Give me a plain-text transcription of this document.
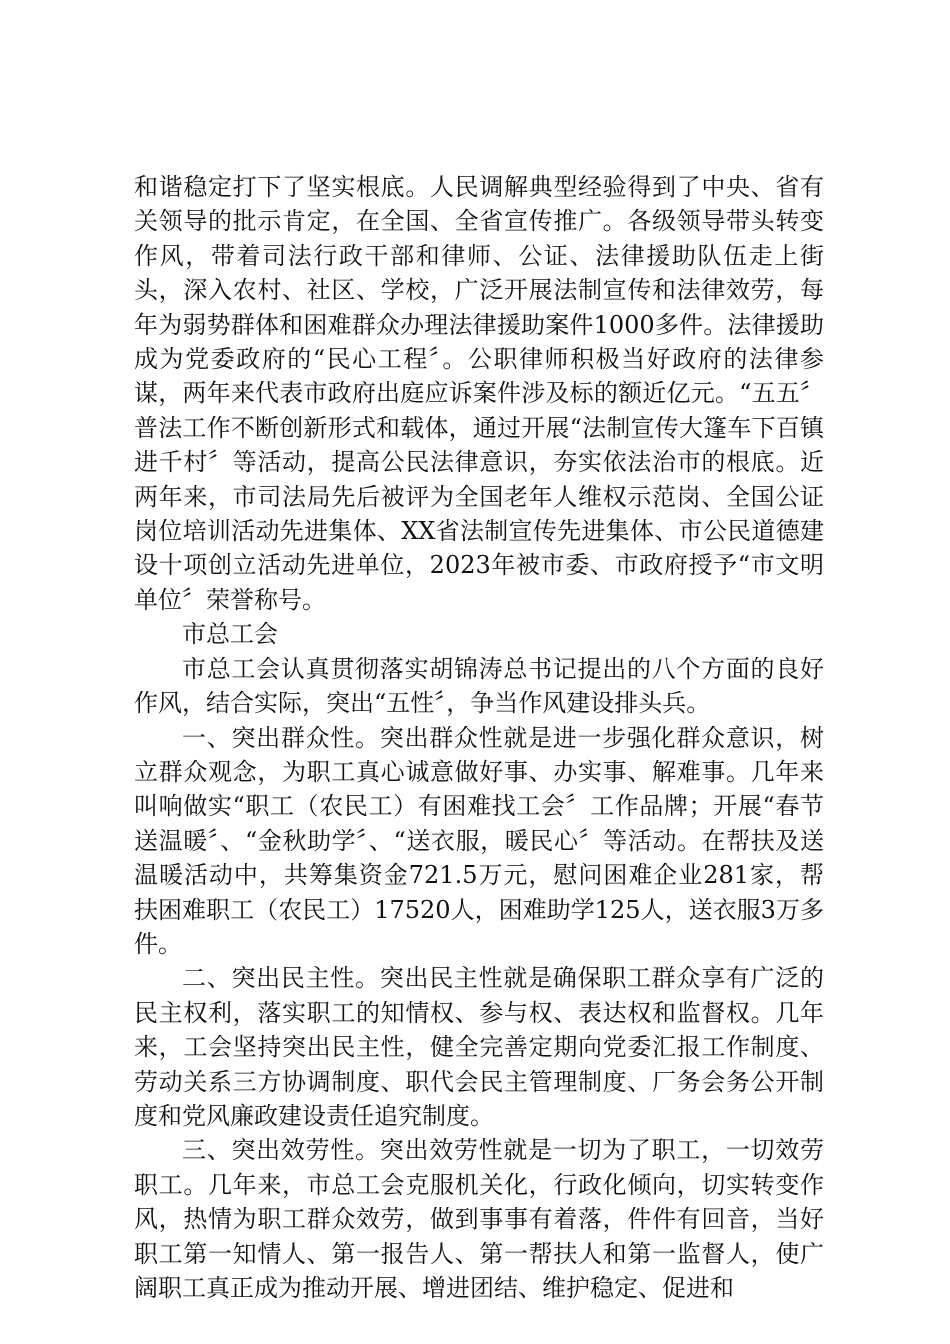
和谐稳定打下了坚实根底。人民调解典型经验得到了中央、省有关领导的批示肯定，在全国、全省宣传推广。各级领导带头转变作风，带着司法行政干部和律师、公证、法律援助队伍走上街头，深入农村、社区、学校，广泛开展法制宣传和法律效劳，每年为弱势群体和困难群众办理法律援助案件1000多件。法律援助成为党委政府的“民心工程〞。公职律师积极当好政府的法律参谋，两年来代表市政府出庭应诉案件涉及标的额近亿元。“五五〞普法工作不断创新形式和载体，通过开展“法制宣传大篷车下百镇进千村〞等活动，提高公民法律意识，夯实依法治市的根底。近两年来，市司法局先后被评为全国老年人维权示范岗、全国公证岗位培训活动先进集体、XX省法制宣传先进集体、市公民道德建设十项创立活动先进单位，2023年被市委、市政府授予“市文明单位〞荣誉称号。

市总工会

市总工会认真贯彻落实胡锦涛总书记提出的八个方面的良好作风，结合实际，突出“五性〞，争当作风建设排头兵。

一、突出群众性。突出群众性就是进一步强化群众意识，树立群众观念，为职工真心诚意做好事、办实事、解难事。几年来叫响做实“职工（农民工）有困难找工会〞工作品牌；开展“春节送温暖〞、“金秋助学〞、“送衣服，暖民心〞等活动。在帮扶及送温暖活动中，共筹集资金721.5万元，慰问困难企业281家，帮扶困难职工（农民工）17520人，困难助学125人，送衣服3万多件。

二、突出民主性。突出民主性就是确保职工群众享有广泛的民主权利，落实职工的知情权、参与权、表达权和监督权。几年来，工会坚持突出民主性，健全完善定期向党委汇报工作制度、劳动关系三方协调制度、职代会民主管理制度、厂务会务公开制度和党风廉政建设责任追究制度。

三、突出效劳性。突出效劳性就是一切为了职工，一切效劳职工。几年来，市总工会克服机关化，行政化倾向，切实转变作风，热情为职工群众效劳，做到事事有着落，件件有回音，当好职工第一知情人、第一报告人、第一帮扶人和第一监督人，使广阔职工真正成为推动开展、增进团结、维护稳定、促进和
